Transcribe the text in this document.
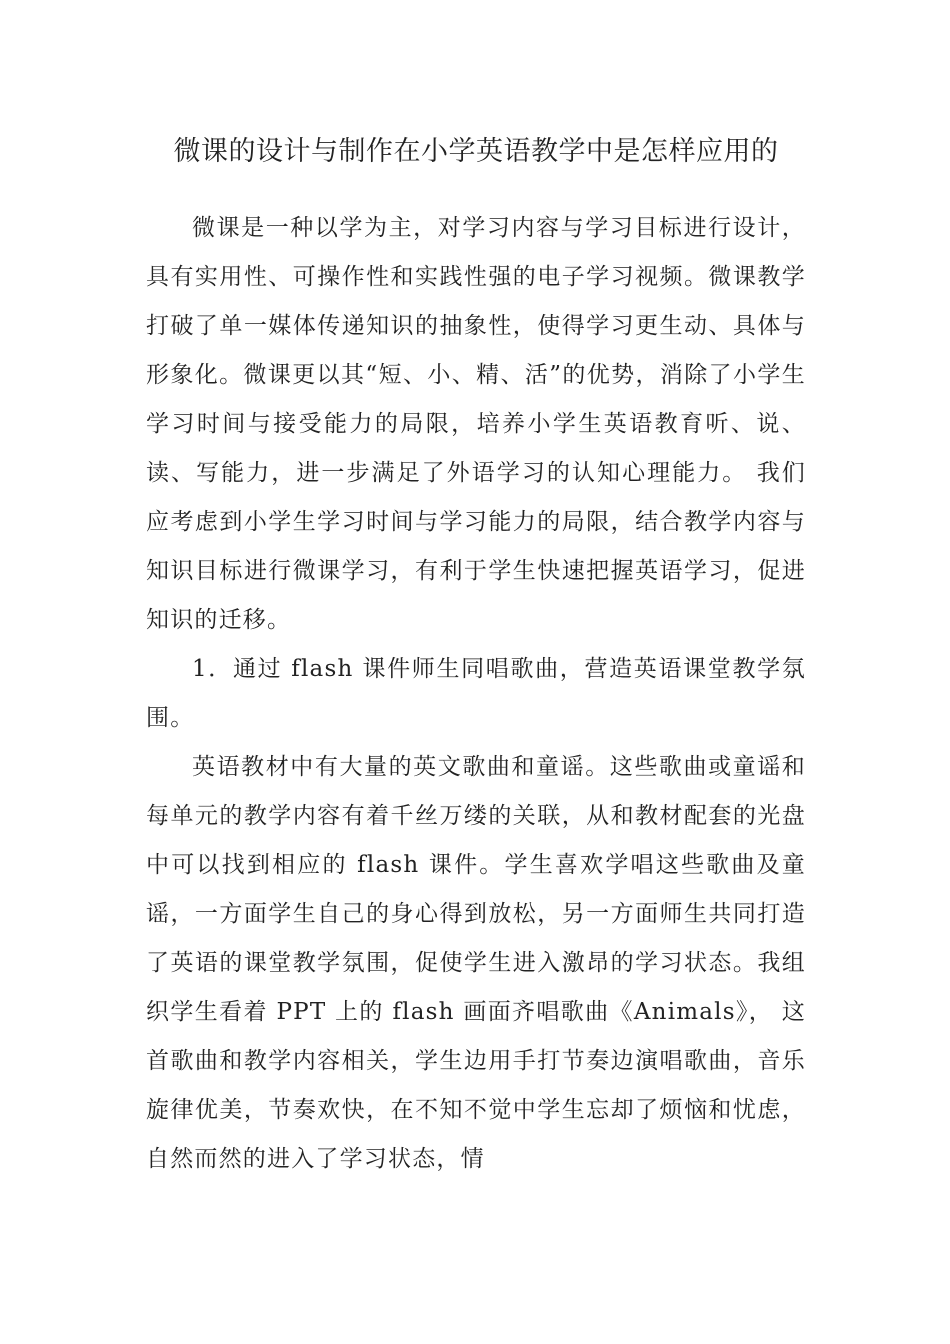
微课的设计与制作在小学英语教学中是怎样应用的

微课是一种以学为主，对学习内容与学习目标进行设计，具有实用性、可操作性和实践性强的电子学习视频。微课教学打破了单一媒体传递知识的抽象性，使得学习更生动、具体与形象化。微课更以其“短、小、精、活”的优势，消除了小学生学习时间与接受能力的局限，培养小学生英语教育听、说、读、写能力，进一步满足了外语学习的认知心理能力。 我们应考虑到小学生学习时间与学习能力的局限，结合教学内容与知识目标进行微课学习，有利于学生快速把握英语学习，促进知识的迁移。

1．通过 flash 课件师生同唱歌曲，营造英语课堂教学氛围。

英语教材中有大量的英文歌曲和童谣。这些歌曲或童谣和每单元的教学内容有着千丝万缕的关联，从和教材配套的光盘中可以找到相应的 flash 课件。学生喜欢学唱这些歌曲及童谣，一方面学生自己的身心得到放松，另一方面师生共同打造了英语的课堂教学氛围，促使学生进入激昂的学习状态。我组织学生看着 PPT 上的 flash 画面齐唱歌曲《Animals》， 这首歌曲和教学内容相关，学生边用手打节奏边演唱歌曲，音乐旋律优美，节奏欢快，在不知不觉中学生忘却了烦恼和忧虑，自然而然的进入了学习状态，情
